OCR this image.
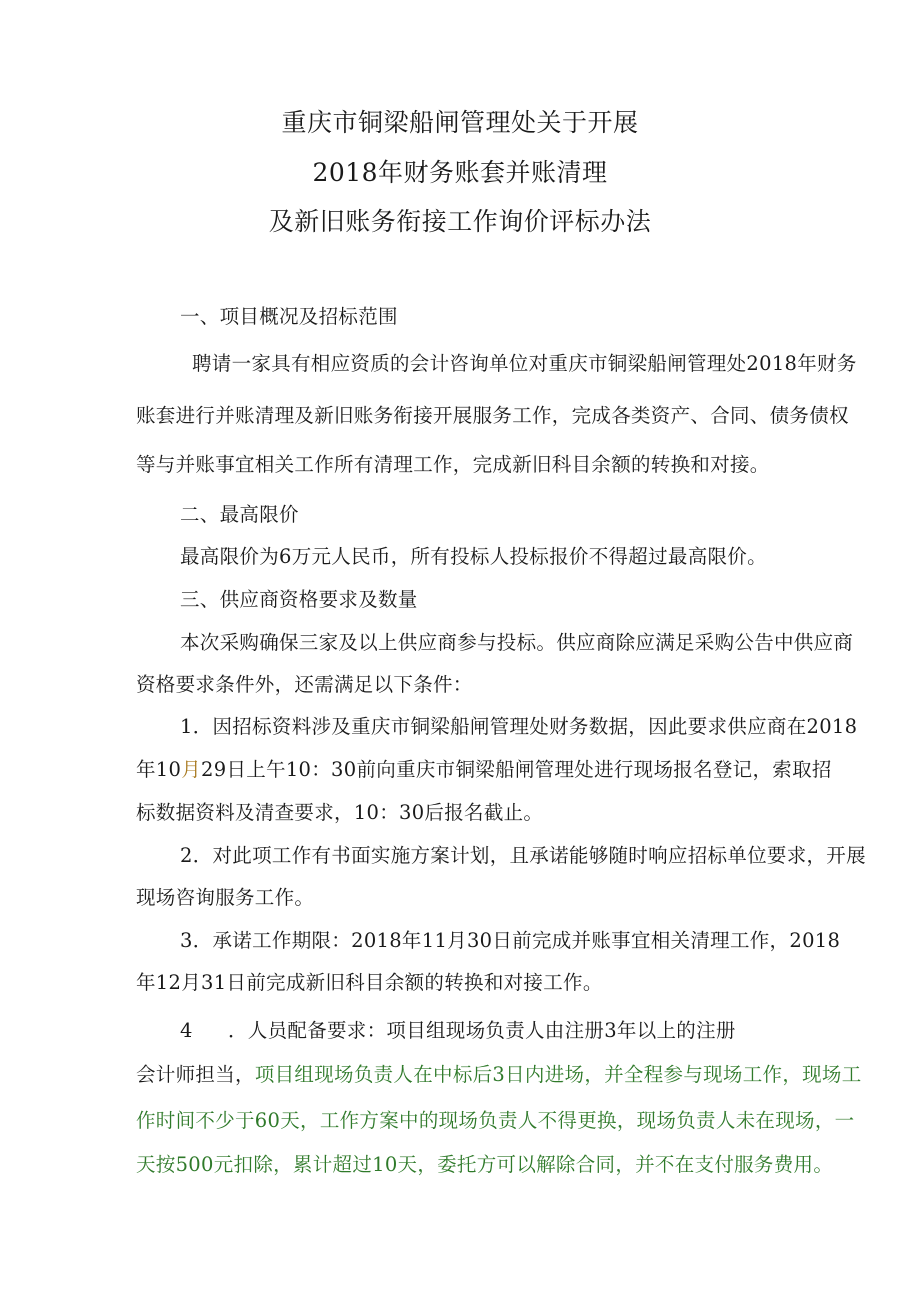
重庆市铜梁船闸管理处关于开展
2018年财务账套并账清理
及新旧账务衔接工作询价评标办法
一、项目概况及招标范围
聘请一家具有相应资质的会计咨询单位对重庆市铜梁船闸管理处2018年财务
账套进行并账清理及新旧账务衔接开展服务工作，完成各类资产、合同、债务债权
等与并账事宜相关工作所有清理工作，完成新旧科目余额的转换和对接。
二、最高限价
最高限价为6万元人民币，所有投标人投标报价不得超过最高限价。
三、供应商资格要求及数量
本次采购确保三家及以上供应商参与投标。供应商除应满足采购公告中供应商
资格要求条件外，还需满足以下条件：
1．因招标资料涉及重庆市铜梁船闸管理处财务数据，因此要求供应商在2018
年10月29日上午10：30前向重庆市铜梁船闸管理处进行现场报名登记，索取招
标数据资料及清查要求，10：30后报名截止。
2．对此项工作有书面实施方案计划，且承诺能够随时响应招标单位要求，开展
现场咨询服务工作。
3．承诺工作期限：2018年11月30日前完成并账事宜相关清理工作，2018
年12月31日前完成新旧科目余额的转换和对接工作。
4 ．人员配备要求：项目组现场负责人由注册3年以上的注册
会计师担当，项目组现场负责人在中标后3日内进场，并全程参与现场工作，现场工
作时间不少于60天，工作方案中的现场负责人不得更换，现场负责人未在现场，一
天按500元扣除，累计超过10天，委托方可以解除合同，并不在支付服务费用。
